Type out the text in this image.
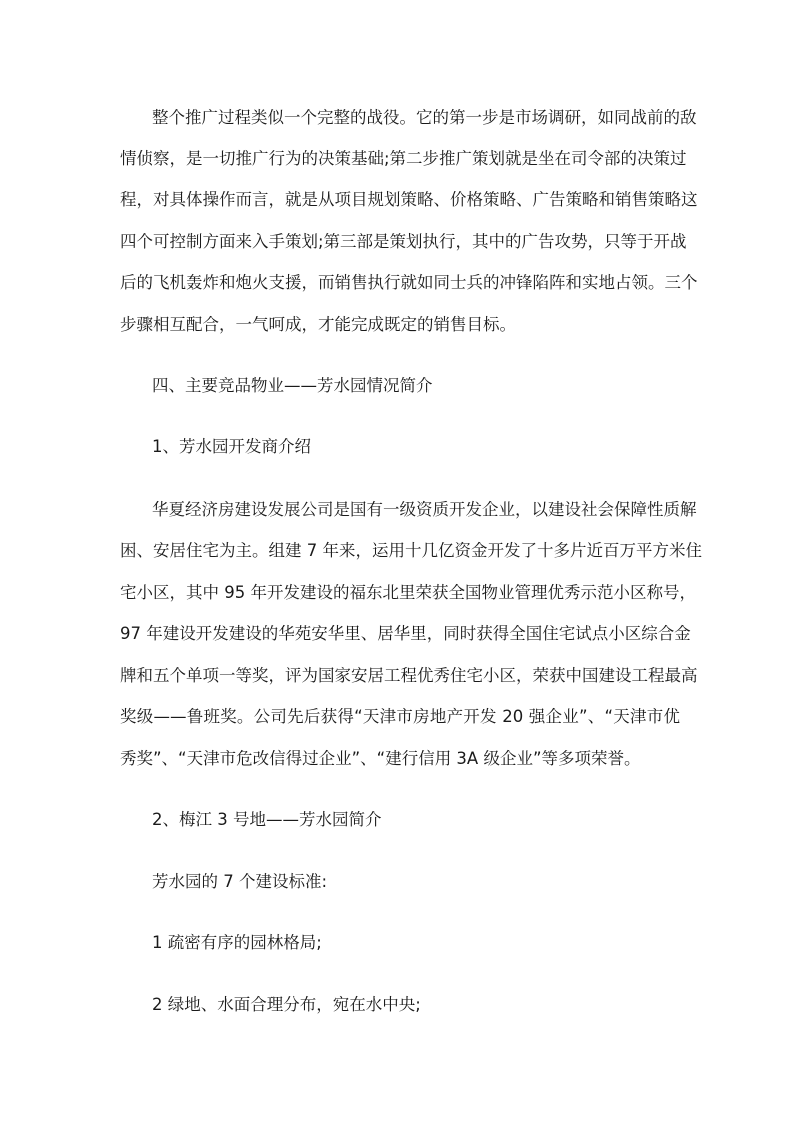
整个推广过程类似一个完整的战役。它的第一步是市场调研，如同战前的敌
情侦察，是一切推广行为的决策基础;第二步推广策划就是坐在司令部的决策过
程，对具体操作而言，就是从项目规划策略、价格策略、广告策略和销售策略这
四个可控制方面来入手策划;第三部是策划执行，其中的广告攻势，只等于开战
后的飞机轰炸和炮火支援，而销售执行就如同士兵的冲锋陷阵和实地占领。三个
步骤相互配合，一气呵成，才能完成既定的销售目标。
四、主要竞品物业——芳水园情况简介
1、芳水园开发商介绍
华夏经济房建设发展公司是国有一级资质开发企业，以建设社会保障性质解
困、安居住宅为主。组建 7 年来，运用十几亿资金开发了十多片近百万平方米住
宅小区，其中 95 年开发建设的福东北里荣获全国物业管理优秀示范小区称号，
97 年建设开发建设的华苑安华里、居华里，同时获得全国住宅试点小区综合金
牌和五个单项一等奖，评为国家安居工程优秀住宅小区，荣获中国建设工程最高
奖级——鲁班奖。公司先后获得“天津市房地产开发 20 强企业”、“天津市优
秀奖”、“天津市危改信得过企业”、“建行信用 3A 级企业”等多项荣誉。
2、梅江 3 号地——芳水园简介
芳水园的 7 个建设标准:
1 疏密有序的园林格局;
2 绿地、水面合理分布，宛在水中央;
